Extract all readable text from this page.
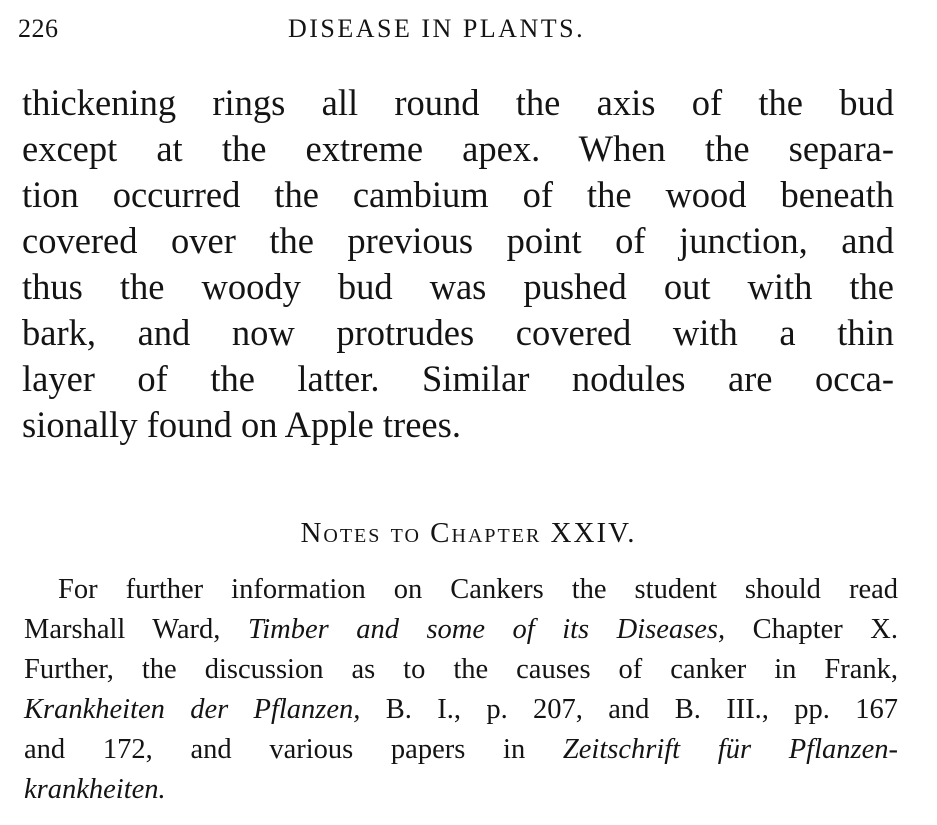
226	DISEASE IN PLANTS.
thickening rings all round the axis of the bud
except at the extreme apex. When the separa-
tion occurred the cambium of the wood beneath
covered over the previous point of junction, and
thus the woody bud was pushed out with the
bark, and now protrudes covered with a thin
layer of the latter. Similar nodules are occa-
sionally found on Apple trees.
Notes to Chapter XXIV.
For further information on Cankers the student should read
Marshall Ward, Timber and some of its Diseases, Chapter X.
Further, the discussion as to the causes of canker in Frank,
Krankheiten der Pflanzen, B. I., p. 207, and B. III., pp. 167
and 172, and various papers in Zeitschrift für Pflanzen-
krankheiten.
